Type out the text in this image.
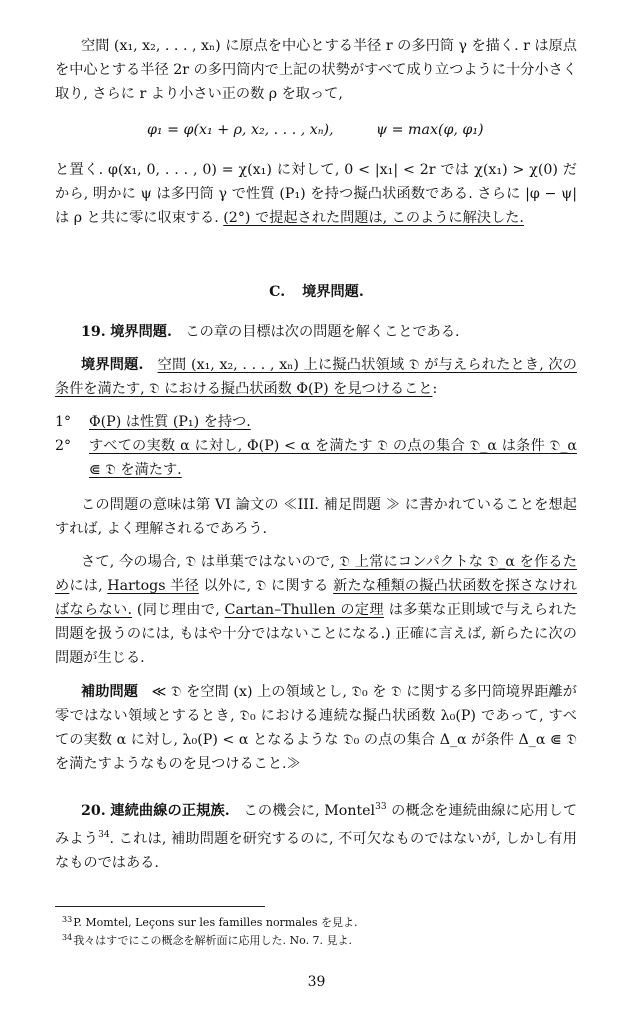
空間 (x₁, x₂, . . . , xₙ) に原点を中心とする半径 r の多円筒 γ を描く. r は原点を中心とする半径 2r の多円筒内で上記の状勢がすべて成り立つように十分小さく取り, さらに r より小さい正の数 ρ を取って,

φ₁ = φ(x₁ + ρ, x₂, . . . , xₙ),	ψ = max(φ, φ₁)

と置く. φ(x₁, 0, . . . , 0) = χ(x₁) に対して, 0 < |x₁| < 2r では χ(x₁) > χ(0) だから, 明かに ψ は多円筒 γ で性質 (P₁) を持つ擬凸状函数である. さらに |φ − ψ| は ρ と共に零に収束する. (2°) で提起された問題は, このように解決した.

C. 境界問題.

19. 境界問題. この章の目標は次の問題を解くことである.

境界問題. 空間 (x₁, x₂, . . . , xₙ) 上に擬凸状領域 𝔇 が与えられたとき, 次の条件を満たす, 𝔇 における擬凸状函数 Φ(P) を見つけること:

1° Φ(P) は性質 (P₁) を持つ.
2° すべての実数 α に対し, Φ(P) < α を満たす 𝔇 の点の集合 𝔇_α は条件 𝔇_α ⋐ 𝔇 を満たす.

この問題の意味は第 VI 論文の ≪III. 補足問題 ≫ に書かれていることを想起すれば, よく理解されるであろう.

さて, 今の場合, 𝔇 は単葉ではないので, 𝔇 上常にコンパクトな 𝔇_α を作るためには, Hartogs 半径 以外に, 𝔇 に関する 新たな種類の擬凸状函数を探さなければならない. (同じ理由で, Cartan–Thullen の定理 は多葉な正則域で与えられた問題を扱うのには, もはや十分ではないことになる.) 正確に言えば, 新らたに次の問題が生じる.

補助問題 ≪ 𝔇 を空間 (x) 上の領域とし, 𝔇₀ を 𝔇 に関する多円筒境界距離が零ではない領域とするとき, 𝔇₀ における連続な擬凸状函数 λ₀(P) であって, すべての実数 α に対し, λ₀(P) < α となるような 𝔇₀ の点の集合 Δ_α が条件 Δ_α ⋐ 𝔇 を満たすようなものを見つけること.≫

20. 連続曲線の正規族. この機会に, Montel$^{33}$ の概念を連続曲線に応用してみよう$^{34}$. これは, 補助問題を研究するのに, 不可欠なものではないが, しかし有用なものではある.

$^{33}$P. Momtel, Leçons sur les familles normales を見よ.
$^{34}$我々はすでにこの概念を解析面に応用した. No. 7. 見よ.
39
